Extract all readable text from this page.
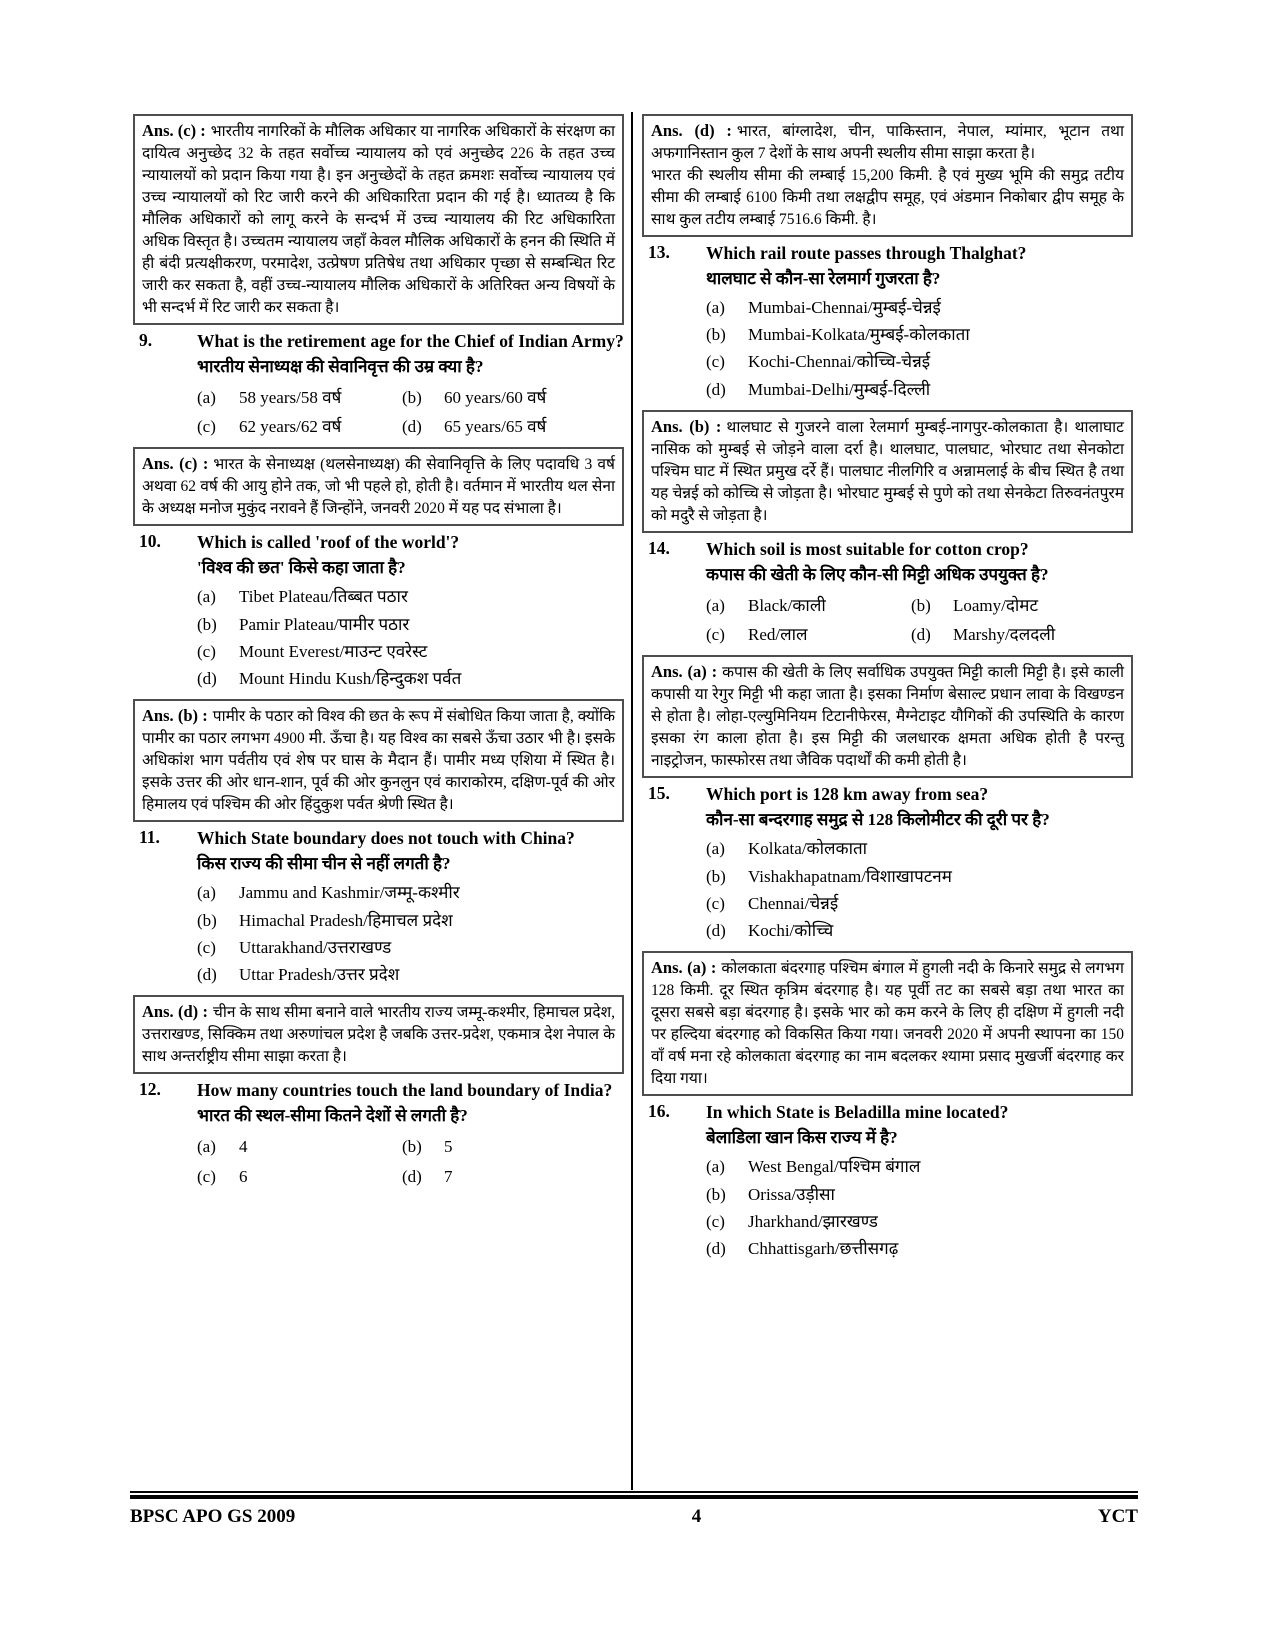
Ans. (c) : भारतीय नागरिकों के मौलिक अधिकार या नागरिक अधिकारों के संरक्षण का दायित्व अनुच्छेद 32 के तहत सर्वोच्च न्यायालय को एवं अनुच्छेद 226 के तहत उच्च न्यायालयों को प्रदान किया गया है। इन अनुच्छेदों के तहत क्रमशः सर्वोच्च न्यायालय एवं उच्च न्यायालयों को रिट जारी करने की अधिकारिता प्रदान की गई है। ध्यातव्य है कि मौलिक अधिकारों को लागू करने के सन्दर्भ में उच्च न्यायालय की रिट अधिकारिता अधिक विस्तृत है। उच्चतम न्यायालय जहाँ केवल मौलिक अधिकारों के हनन की स्थिति में ही बंदी प्रत्यक्षीकरण, परमादेश, उत्प्रेषण प्रतिषेध तथा अधिकार पृच्छा से सम्बन्धित रिट जारी कर सकता है, वहीं उच्च-न्यायालय मौलिक अधिकारों के अतिरिक्त अन्य विषयों के भी सन्दर्भ में रिट जारी कर सकता है।
9.	What is the retirement age for the Chief of Indian Army?
भारतीय सेनाध्यक्ष की सेवानिवृत्त की उम्र क्या है?
(a)	58 years/58 वर्ष	(b)	60 years/60 वर्ष
(c)	62 years/62 वर्ष	(d)	65 years/65 वर्ष
Ans. (c) : भारत के सेनाध्यक्ष (थलसेनाध्यक्ष) की सेवानिवृत्ति के लिए पदावधि 3 वर्ष अथवा 62 वर्ष की आयु होने तक, जो भी पहले हो, होती है। वर्तमान में भारतीय थल सेना के अध्यक्ष मनोज मुकुंद नरावने हैं जिन्होंने, जनवरी 2020 में यह पद संभाला है।
10.	Which is called 'roof of the world'?
'विश्व की छत' किसे कहा जाता है?
(a)	Tibet Plateau/तिब्बत पठार
(b)	Pamir Plateau/पामीर पठार
(c)	Mount Everest/माउन्ट एवरेस्ट
(d)	Mount Hindu Kush/हिन्दुकश पर्वत
Ans. (b) : पामीर के पठार को विश्व की छत के रूप में संबोधित किया जाता है, क्योंकि पामीर का पठार लगभग 4900 मी. ऊँचा है। यह विश्व का सबसे ऊँचा उठार भी है। इसके अधिकांश भाग पर्वतीय एवं शेष पर घास के मैदान हैं। पामीर मध्य एशिया में स्थित है। इसके उत्तर की ओर धान-शान, पूर्व की ओर कुनलुन एवं काराकोरम, दक्षिण-पूर्व की ओर हिमालय एवं पश्चिम की ओर हिंदुकुश पर्वत श्रेणी स्थित है।
11.	Which State boundary does not touch with China?
किस राज्य की सीमा चीन से नहीं लगती है?
(a)	Jammu and Kashmir/जम्मू-कश्मीर
(b)	Himachal Pradesh/हिमाचल प्रदेश
(c)	Uttarakhand/उत्तराखण्ड
(d)	Uttar Pradesh/उत्तर प्रदेश
Ans. (d) : चीन के साथ सीमा बनाने वाले भारतीय राज्य जम्मू-कश्मीर, हिमाचल प्रदेश, उत्तराखण्ड, सिक्किम तथा अरुणांचल प्रदेश है जबकि उत्तर-प्रदेश, एकमात्र देश नेपाल के साथ अन्तर्राष्ट्रीय सीमा साझा करता है।
12.	How many countries touch the land boundary of India?
भारत की स्थल-सीमा कितने देशों से लगती है?
(a)	4	(b)	5
(c)	6	(d)	7
Ans. (d) : भारत, बांग्लादेश, चीन, पाकिस्तान, नेपाल, म्यांमार, भूटान तथा अफगानिस्तान कुल 7 देशों के साथ अपनी स्थलीय सीमा साझा करता है।
भारत की स्थलीय सीमा की लम्बाई 15,200 किमी. है एवं मुख्य भूमि की समुद्र तटीय सीमा की लम्बाई 6100 किमी तथा लक्षद्वीप समूह, एवं अंडमान निकोबार द्वीप समूह के साथ कुल तटीय लम्बाई 7516.6 किमी. है।
13.	Which rail route passes through Thalghat?
थालघाट से कौन-सा रेलमार्ग गुजरता है?
(a)	Mumbai-Chennai/मुम्बई-चेन्नई
(b)	Mumbai-Kolkata/मुम्बई-कोलकाता
(c)	Kochi-Chennai/कोच्चि-चेन्नई
(d)	Mumbai-Delhi/मुम्बई-दिल्ली
Ans. (b) : थालघाट से गुजरने वाला रेलमार्ग मुम्बई-नागपुर-कोलकाता है। थालाघाट नासिक को मुम्बई से जोड़ने वाला दर्रा है। थालघाट, पालघाट, भोरघाट तथा सेनकोटा पश्चिम घाट में स्थित प्रमुख दर्रे हैं। पालघाट नीलगिरि व अन्नामलाई के बीच स्थित है तथा यह चेन्नई को कोच्चि से जोड़ता है। भोरघाट मुम्बई से पुणे को तथा सेनकेटा तिरुवनंतपुरम को मदुरै से जोड़ता है।
14.	Which soil is most suitable for cotton crop?
कपास की खेती के लिए कौन-सी मिट्टी अधिक उपयुक्त है?
(a)	Black/काली	(b)	Loamy/दोमट
(c)	Red/लाल	(d)	Marshy/दलदली
Ans. (a) : कपास की खेती के लिए सर्वाधिक उपयुक्त मिट्टी काली मिट्टी है। इसे काली कपासी या रेगुर मिट्टी भी कहा जाता है। इसका निर्माण बेसाल्ट प्रधान लावा के विखण्डन से होता है। लोहा-एल्युमिनियम टिटानीफेरस, मैग्नेटाइट यौगिकों की उपस्थिति के कारण इसका रंग काला होता है। इस मिट्टी की जलधारक क्षमता अधिक होती है परन्तु नाइट्रोजन, फास्फोरस तथा जैविक पदार्थों की कमी होती है।
15.	Which port is 128 km away from sea?
कौन-सा बन्दरगाह समुद्र से 128 किलोमीटर की दूरी पर है?
(a)	Kolkata/कोलकाता
(b)	Vishakhapatnam/विशाखापटनम
(c)	Chennai/चेन्नई
(d)	Kochi/कोच्चि
Ans. (a) : कोलकाता बंदरगाह पश्चिम बंगाल में हुगली नदी के किनारे समुद्र से लगभग 128 किमी. दूर स्थित कृत्रिम बंदरगाह है। यह पूर्वी तट का सबसे बड़ा तथा भारत का दूसरा सबसे बड़ा बंदरगाह है। इसके भार को कम करने के लिए ही दक्षिण में हुगली नदी पर हल्दिया बंदरगाह को विकसित किया गया। जनवरी 2020 में अपनी स्थापना का 150 वाँ वर्ष मना रहे कोलकाता बंदरगाह का नाम बदलकर श्यामा प्रसाद मुखर्जी बंदरगाह कर दिया गया।
16.	In which State is Beladilla mine located?
बेलाडिला खान किस राज्य में है?
(a)	West Bengal/पश्चिम बंगाल
(b)	Orissa/उड़ीसा
(c)	Jharkhand/झारखण्ड
(d)	Chhattisgarh/छत्तीसगढ़
BPSC APO GS 2009	4	YCT
